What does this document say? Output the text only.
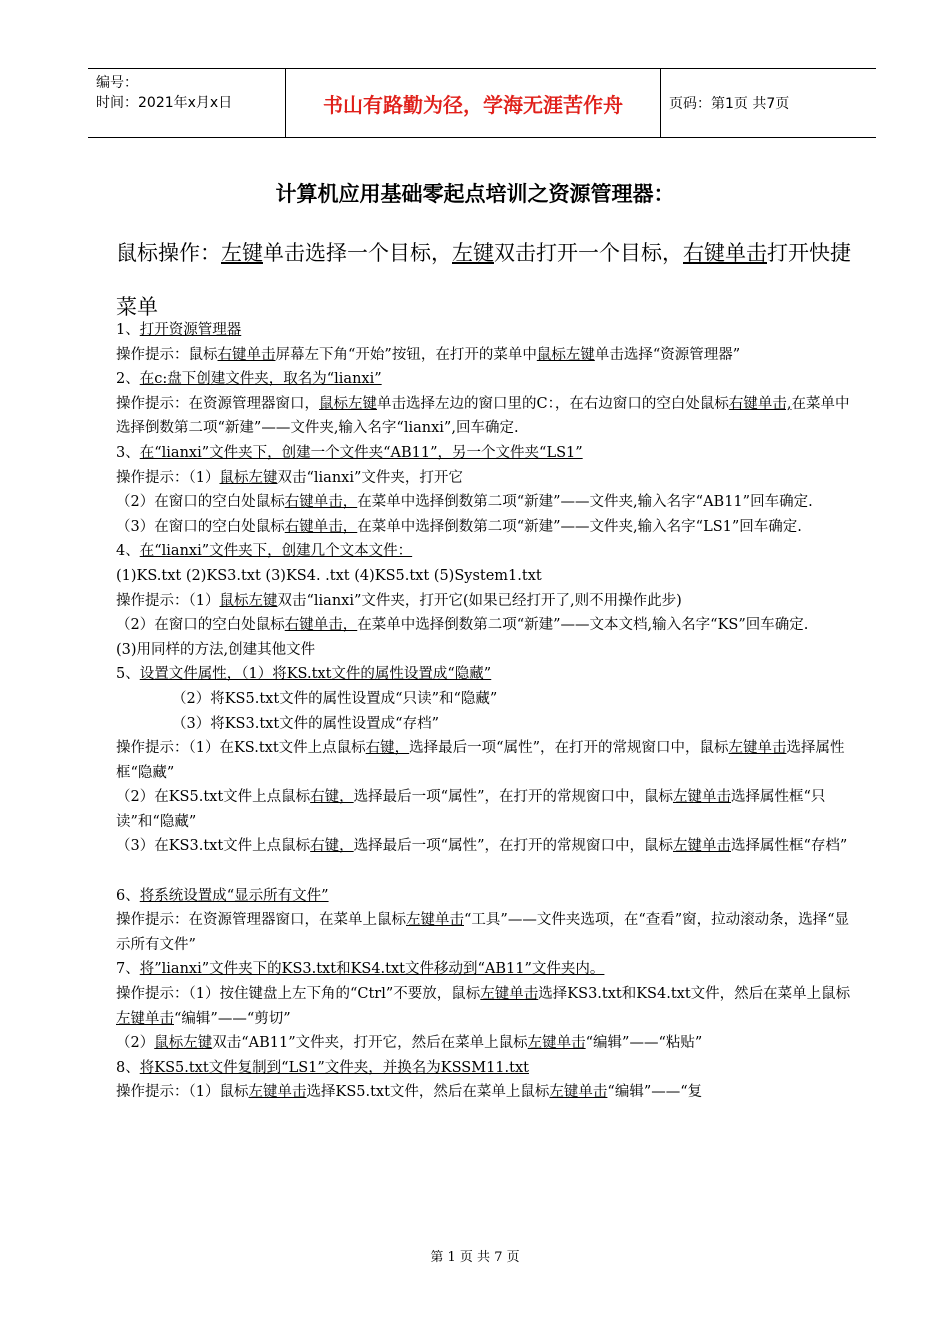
编号：
时间：2021年x月x日	书山有路勤为径，学海无涯苦作舟	页码：第1页 共7页
计算机应用基础零起点培训之资源管理器：
鼠标操作：左键单击选择一个目标，左键双击打开一个目标，右键单击打开快捷菜单

1、打开资源管理器

操作提示：鼠标右键单击屏幕左下角“开始”按钮，在打开的菜单中鼠标左键单击选择“资源管理器”

2、在c:盘下创建文件夹，取名为“lianxi”

操作提示：在资源管理器窗口，鼠标左键单击选择左边的窗口里的C：，在右边窗口的空白处鼠标右键单击,在菜单中选择倒数第二项“新建”——文件夹,输入名字“lianxi”,回车确定.

3、在“lianxi”文件夹下，创建一个文件夹“AB11”，另一个文件夹“LS1”

操作提示：（1）鼠标左键双击“lianxi”文件夹，打开它

（2）在窗口的空白处鼠标右键单击，在菜单中选择倒数第二项“新建”——文件夹,输入名字“AB11”回车确定.

（3）在窗口的空白处鼠标右键单击，在菜单中选择倒数第二项“新建”——文件夹,输入名字“LS1”回车确定.

4、在“lianxi”文件夹下，创建几个文本文件：

(1)KS.txt (2)KS3.txt (3)KS4. .txt (4)KS5.txt (5)System1.txt

操作提示：（1）鼠标左键双击“lianxi”文件夹，打开它(如果已经打开了,则不用操作此步)

（2）在窗口的空白处鼠标右键单击，在菜单中选择倒数第二项“新建”——文本文档,输入名字“KS”回车确定.

(3)用同样的方法,创建其他文件

5、设置文件属性，（1）将KS.txt文件的属性设置成“隐藏”

（2）将KS5.txt文件的属性设置成“只读”和“隐藏”

（3）将KS3.txt文件的属性设置成“存档”

操作提示：（1）在KS.txt文件上点鼠标右键，选择最后一项“属性”，在打开的常规窗口中，鼠标左键单击选择属性框“隐藏”

（2）在KS5.txt文件上点鼠标右键，选择最后一项“属性”，在打开的常规窗口中，鼠标左键单击选择属性框“只读”和“隐藏”

（3）在KS3.txt文件上点鼠标右键，选择最后一项“属性”，在打开的常规窗口中，鼠标左键单击选择属性框“存档”

6、将系统设置成“显示所有文件”

操作提示：在资源管理器窗口，在菜单上鼠标左键单击“工具”——文件夹选项，在“查看”窗，拉动滚动条，选择“显示所有文件”

7、将”lianxi”文件夹下的KS3.txt和KS4.txt文件移动到“AB11”文件夹内。

操作提示：（1）按住键盘上左下角的“Ctrl”不要放，鼠标左键单击选择KS3.txt和KS4.txt文件，然后在菜单上鼠标左键单击“编辑”——“剪切”

（2）鼠标左键双击“AB11”文件夹，打开它，然后在菜单上鼠标左键单击“编辑”——“粘贴”

8、将KS5.txt文件复制到“LS1”文件夹，并换名为KSSM11.txt

操作提示：（1）鼠标左键单击选择KS5.txt文件，然后在菜单上鼠标左键单击“编辑”——“复

第 1 页 共 7 页
